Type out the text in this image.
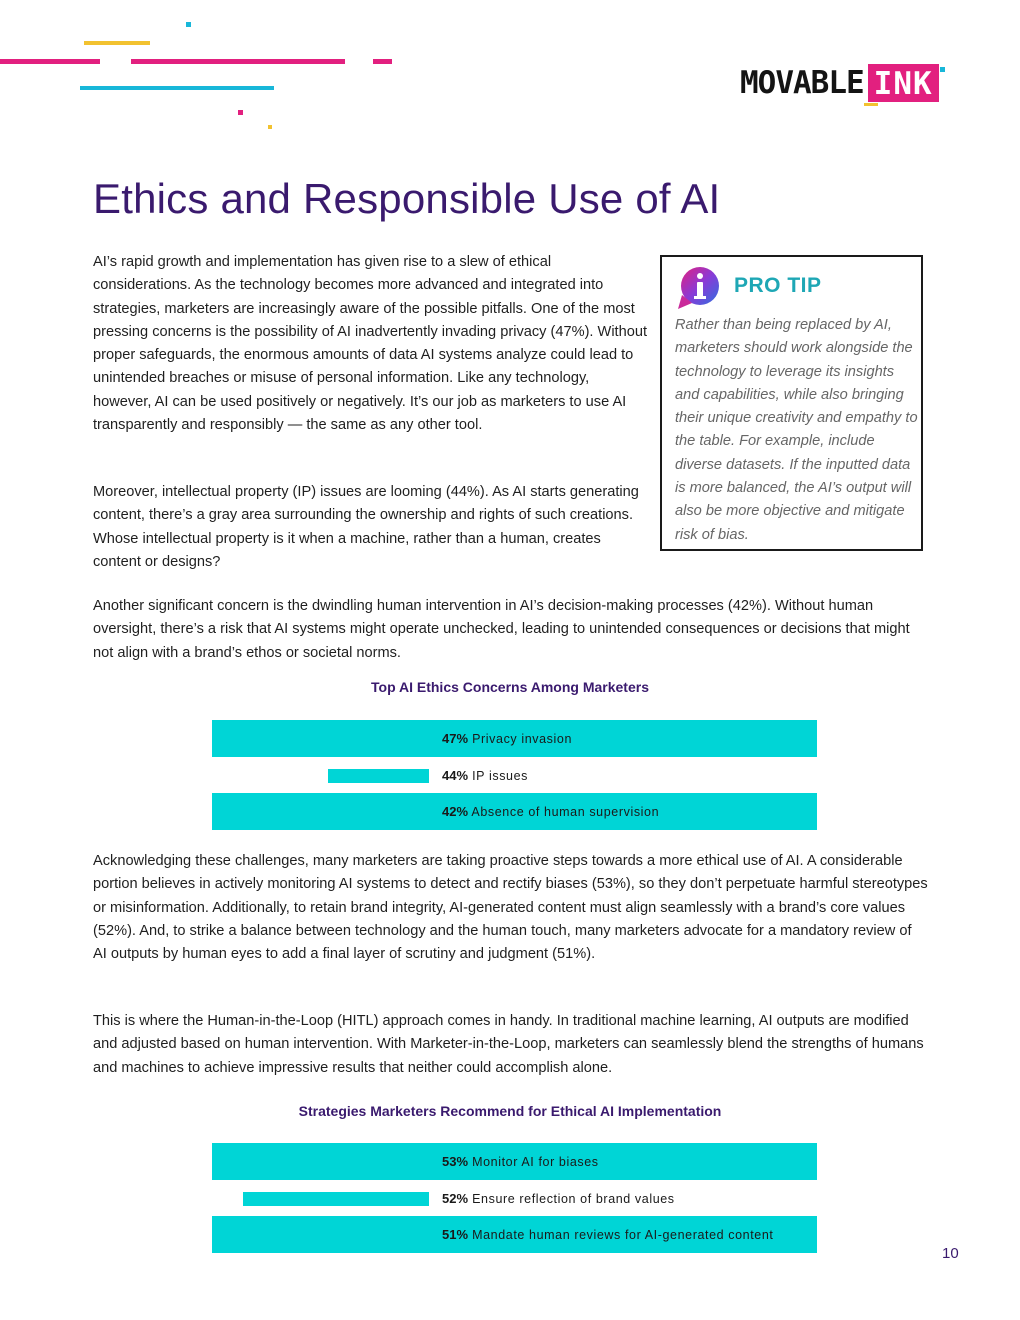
MOVABLE INK
Ethics and Responsible Use of AI

AI’s rapid growth and implementation has given rise to a slew of ethical considerations. As the technology becomes more advanced and integrated into strategies, marketers are increasingly aware of the possible pitfalls. One of the most pressing concerns is the possibility of AI inadvertently invading privacy (47%). Without proper safeguards, the enormous amounts of data AI systems analyze could lead to unintended breaches or misuse of personal information. Like any technology, however, AI can be used positively or negatively. It’s our job as marketers to use AI transparently and responsibly — the same as any other tool.

Moreover, intellectual property (IP) issues are looming (44%). As AI starts generating content, there’s a gray area surrounding the ownership and rights of such creations. Whose intellectual property is it when a machine, rather than a human, creates content or designs?

Another significant concern is the dwindling human intervention in AI’s decision-making processes (42%). Without human oversight, there’s a risk that AI systems might operate unchecked, leading to unintended consequences or decisions that might not align with a brand’s ethos or societal norms.

PRO TIP

Rather than being replaced by AI, marketers should work alongside the technology to leverage its insights and capabilities, while also bringing their unique creativity and empathy to the table. For example, include diverse datasets. If the inputted data is more balanced, the AI’s output will also be more objective and mitigate risk of bias.

Top AI Ethics Concerns Among Marketers
47% Privacy invasion
44% IP issues
42% Absence of human supervision

Acknowledging these challenges, many marketers are taking proactive steps towards a more ethical use of AI. A considerable portion believes in actively monitoring AI systems to detect and rectify biases (53%), so they don’t perpetuate harmful stereotypes or misinformation. Additionally, to retain brand integrity, AI-generated content must align seamlessly with a brand’s core values (52%). And, to strike a balance between technology and the human touch, many marketers advocate for a mandatory review of AI outputs by human eyes to add a final layer of scrutiny and judgment (51%).

This is where the Human-in-the-Loop (HITL) approach comes in handy. In traditional machine learning, AI outputs are modified and adjusted based on human intervention. With Marketer-in-the-Loop, marketers can seamlessly blend the strengths of humans and machines to achieve impressive results that neither could accomplish alone.

Strategies Marketers Recommend for Ethical AI Implementation
53% Monitor AI for biases
52% Ensure reflection of brand values
51% Mandate human reviews for AI-generated content
10
